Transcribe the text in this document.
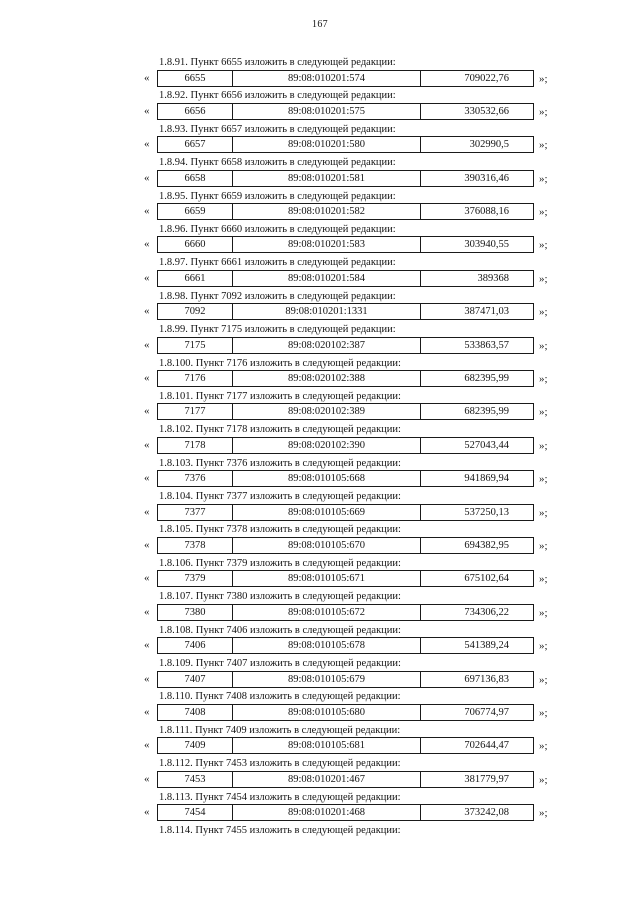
167
1.8.91. Пункт 6655 изложить в следующей редакции:
«	6655	89:08:010201:574	709022,76	»;
1.8.92. Пункт 6656 изложить в следующей редакции:
«	6656	89:08:010201:575	330532,66	»;
1.8.93. Пункт 6657 изложить в следующей редакции:
«	6657	89:08:010201:580	302990,5	»;
1.8.94. Пункт 6658 изложить в следующей редакции:
«	6658	89:08:010201:581	390316,46	»;
1.8.95. Пункт 6659 изложить в следующей редакции:
«	6659	89:08:010201:582	376088,16	»;
1.8.96. Пункт 6660 изложить в следующей редакции:
«	6660	89:08:010201:583	303940,55	»;
1.8.97. Пункт 6661 изложить в следующей редакции:
«	6661	89:08:010201:584	389368	»;
1.8.98. Пункт 7092 изложить в следующей редакции:
«	7092	89:08:010201:1331	387471,03	»;
1.8.99. Пункт 7175 изложить в следующей редакции:
«	7175	89:08:020102:387	533863,57	»;
1.8.100. Пункт 7176 изложить в следующей редакции:
«	7176	89:08:020102:388	682395,99	»;
1.8.101. Пункт 7177 изложить в следующей редакции:
«	7177	89:08:020102:389	682395,99	»;
1.8.102. Пункт 7178 изложить в следующей редакции:
«	7178	89:08:020102:390	527043,44	»;
1.8.103. Пункт 7376 изложить в следующей редакции:
«	7376	89:08:010105:668	941869,94	»;
1.8.104. Пункт 7377 изложить в следующей редакции:
«	7377	89:08:010105:669	537250,13	»;
1.8.105. Пункт 7378 изложить в следующей редакции:
«	7378	89:08:010105:670	694382,95	»;
1.8.106. Пункт 7379 изложить в следующей редакции:
«	7379	89:08:010105:671	675102,64	»;
1.8.107. Пункт 7380 изложить в следующей редакции:
«	7380	89:08:010105:672	734306,22	»;
1.8.108. Пункт 7406 изложить в следующей редакции:
«	7406	89:08:010105:678	541389,24	»;
1.8.109. Пункт 7407 изложить в следующей редакции:
«	7407	89:08:010105:679	697136,83	»;
1.8.110. Пункт 7408 изложить в следующей редакции:
«	7408	89:08:010105:680	706774,97	»;
1.8.111. Пункт 7409 изложить в следующей редакции:
«	7409	89:08:010105:681	702644,47	»;
1.8.112. Пункт 7453 изложить в следующей редакции:
«	7453	89:08:010201:467	381779,97	»;
1.8.113. Пункт 7454 изложить в следующей редакции:
«	7454	89:08:010201:468	373242,08	»;
1.8.114. Пункт 7455 изложить в следующей редакции:
